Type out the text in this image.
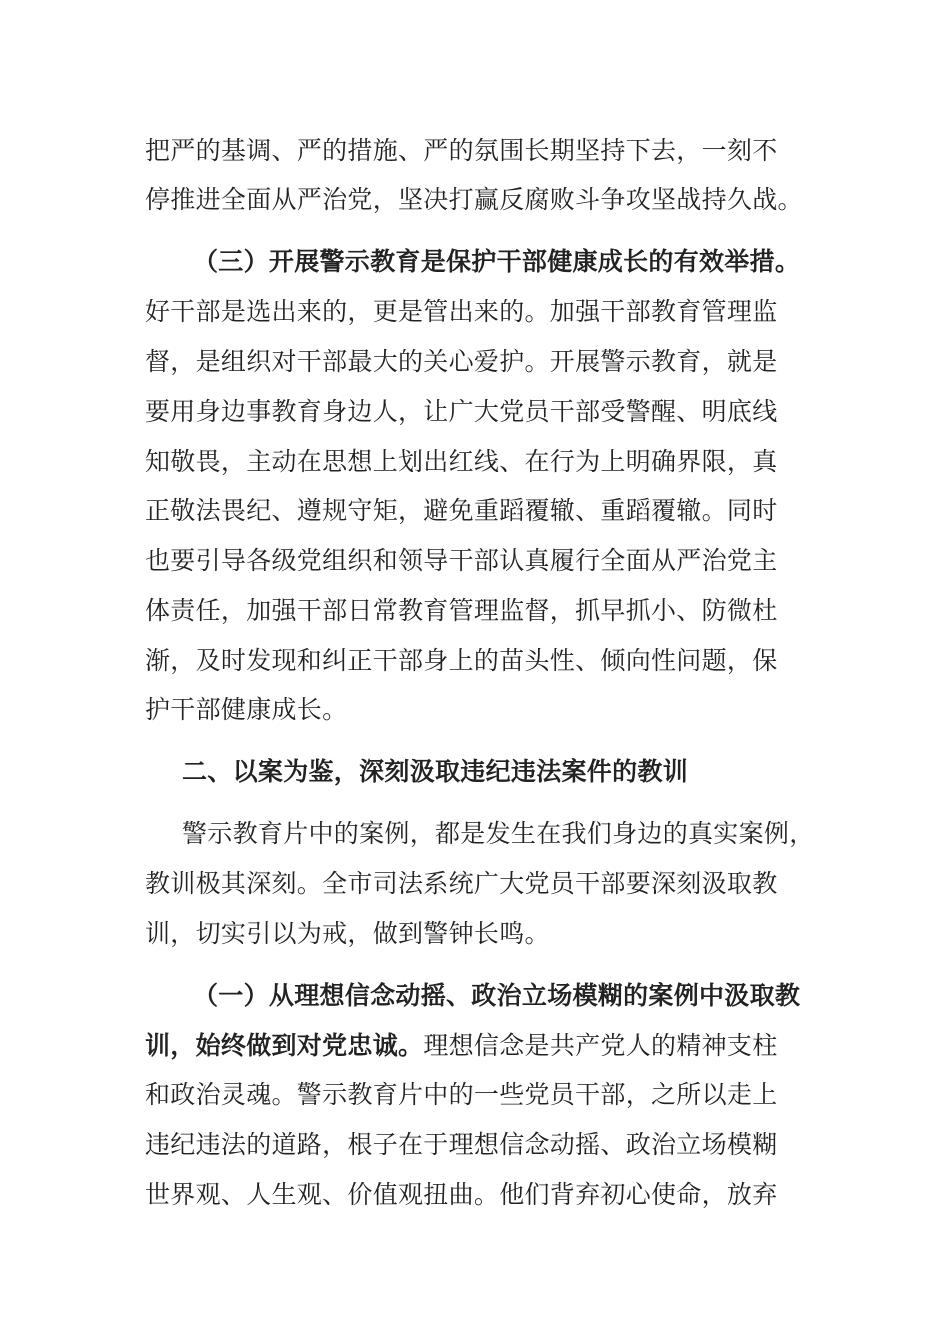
把严的基调、严的措施、严的氛围长期坚持下去，一刻不
停推进全面从严治党，坚决打赢反腐败斗争攻坚战持久战。
（三）开展警示教育是保护干部健康成长的有效举措。
好干部是选出来的，更是管出来的。加强干部教育管理监
督，是组织对干部最大的关心爱护。开展警示教育，就是
要用身边事教育身边人，让广大党员干部受警醒、明底线
知敬畏，主动在思想上划出红线、在行为上明确界限，真
正敬法畏纪、遵规守矩，避免重蹈覆辙、重蹈覆辙。同时
也要引导各级党组织和领导干部认真履行全面从严治党主
体责任，加强干部日常教育管理监督，抓早抓小、防微杜
渐，及时发现和纠正干部身上的苗头性、倾向性问题，保
护干部健康成长。
二、以案为鉴，深刻汲取违纪违法案件的教训
警示教育片中的案例，都是发生在我们身边的真实案例，
教训极其深刻。全市司法系统广大党员干部要深刻汲取教
训，切实引以为戒，做到警钟长鸣。
（一）从理想信念动摇、政治立场模糊的案例中汲取教
训，始终做到对党忠诚。理想信念是共产党人的精神支柱
和政治灵魂。警示教育片中的一些党员干部，之所以走上
违纪违法的道路，根子在于理想信念动摇、政治立场模糊
世界观、人生观、价值观扭曲。他们背弃初心使命，放弃
